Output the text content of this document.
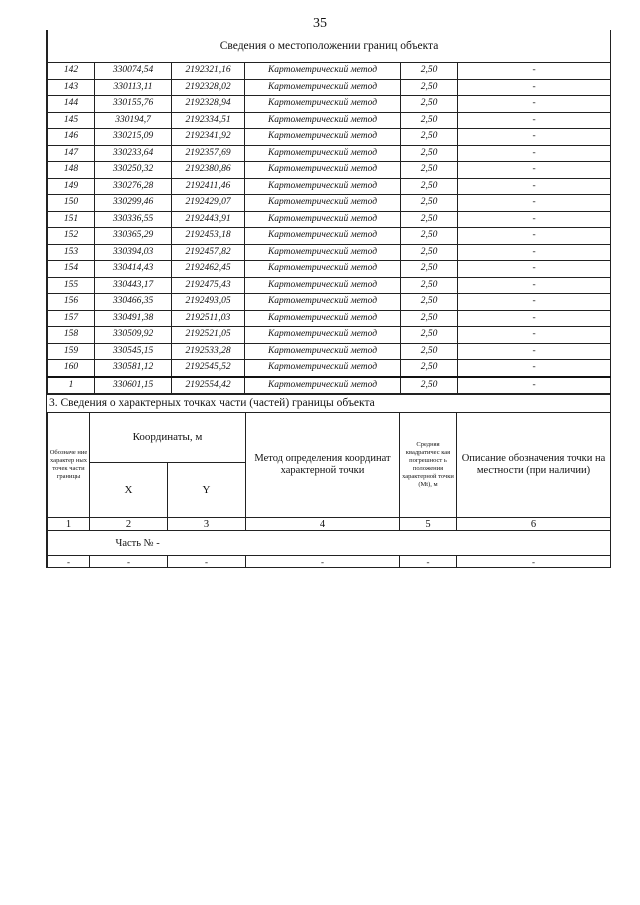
35
Сведения о местоположении границ объекта					
142	330074,54	2192321,16	Картометрический метод	2,50	-
143	330113,11	2192328,02	Картометрический метод	2,50	-
144	330155,76	2192328,94	Картометрический метод	2,50	-
145	330194,7	2192334,51	Картометрический метод	2,50	-
146	330215,09	2192341,92	Картометрический метод	2,50	-
147	330233,64	2192357,69	Картометрический метод	2,50	-
148	330250,32	2192380,86	Картометрический метод	2,50	-
149	330276,28	2192411,46	Картометрический метод	2,50	-
150	330299,46	2192429,07	Картометрический метод	2,50	-
151	330336,55	2192443,91	Картометрический метод	2,50	-
152	330365,29	2192453,18	Картометрический метод	2,50	-
153	330394,03	2192457,82	Картометрический метод	2,50	-
154	330414,43	2192462,45	Картометрический метод	2,50	-
155	330443,17	2192475,43	Картометрический метод	2,50	-
156	330466,35	2192493,05	Картометрический метод	2,50	-
157	330491,38	2192511,03	Картометрический метод	2,50	-
158	330509,92	2192521,05	Картометрический метод	2,50	-
159	330545,15	2192533,28	Картометрический метод	2,50	-
160	330581,12	2192545,52	Картометрический метод	2,50	-
1	330601,15	2192554,42	Картометрический метод	2,50	-
3. Сведения о характерных точках части (частей) границы объекта
Обозначе ние характер ных точек части границы	Координаты, м		Метод определения координат характерной точки	Средняя квадратичес кая погрешност ь положения характерной точки (Mt), м	Описание обозначения точки на местности (при наличии)
	X	Y			
1	2	3	4	5	6
	Часть № -				
-	-	-	-	-	-
